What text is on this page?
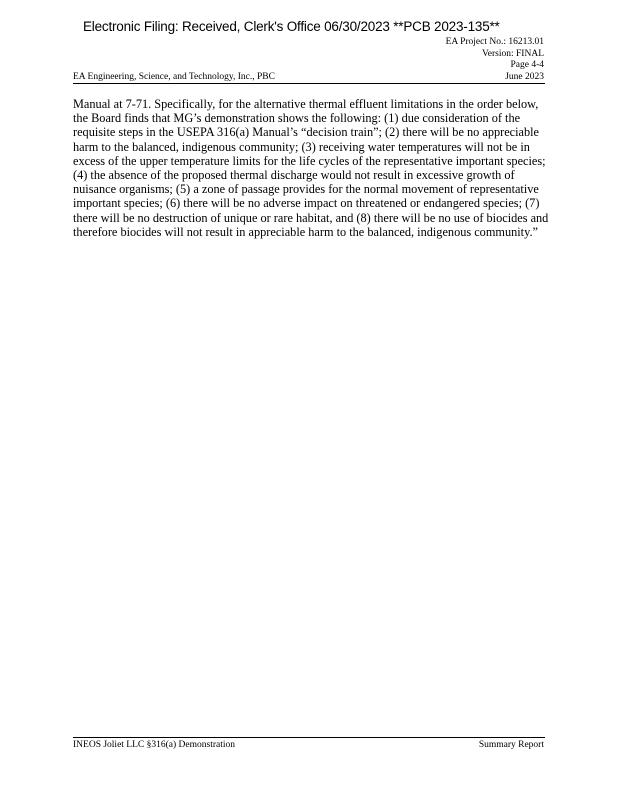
Electronic Filing: Received, Clerk's Office 06/30/2023 **PCB 2023-135**
EA Project No.: 16213.01
Version: FINAL
Page 4-4
EA Engineering, Science, and Technology, Inc., PBC	June 2023
Manual at 7-71. Specifically, for the alternative thermal effluent limitations in the order below,
the Board finds that MG’s demonstration shows the following: (1) due consideration of the
requisite steps in the USEPA 316(a) Manual’s “decision train”; (2) there will be no appreciable
harm to the balanced, indigenous community; (3) receiving water temperatures will not be in
excess of the upper temperature limits for the life cycles of the representative important species;
(4) the absence of the proposed thermal discharge would not result in excessive growth of
nuisance organisms; (5) a zone of passage provides for the normal movement of representative
important species; (6) there will be no adverse impact on threatened or endangered species; (7)
there will be no destruction of unique or rare habitat, and (8) there will be no use of biocides and
therefore biocides will not result in appreciable harm to the balanced, indigenous community.”
INEOS Joliet LLC §316(a) Demonstration	Summary Report
